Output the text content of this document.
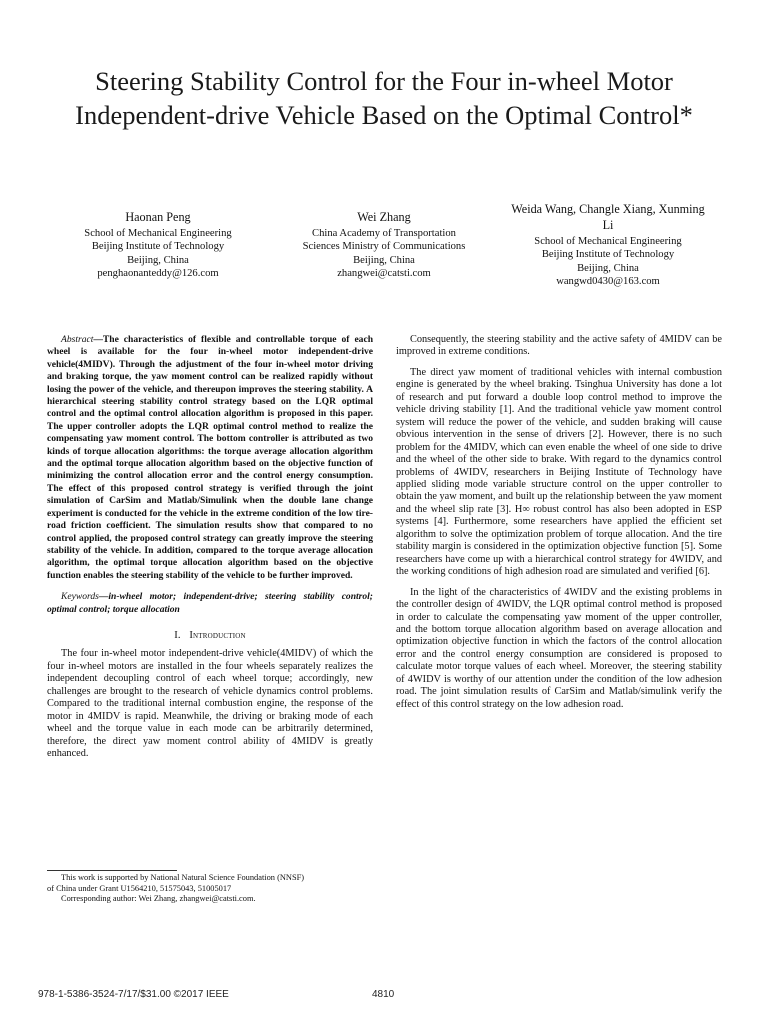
Steering Stability Control for the Four in-wheel Motor Independent-drive Vehicle Based on the Optimal Control*
Haonan Peng
School of Mechanical Engineering
Beijing Institute of Technology
Beijing, China
penghaonanteddy@126.com
Wei Zhang
China Academy of Transportation
Sciences Ministry of Communications
Beijing, China
zhangwei@catsti.com
Weida Wang, Changle Xiang, Xunming Li
School of Mechanical Engineering
Beijing Institute of Technology
Beijing, China
wangwd0430@163.com
Abstract—The characteristics of flexible and controllable torque of each wheel is available for the four in-wheel motor independent-drive vehicle(4MIDV). Through the adjustment of the four in-wheel motor driving and braking torque, the yaw moment control can be realized rapidly without losing the power of the vehicle, and thereupon improves the steering stability. A hierarchical steering stability control strategy based on the LQR optimal control and the optimal control allocation algorithm is proposed in this paper. The upper controller adopts the LQR optimal control method to realize the compensating yaw moment control. The bottom controller is attributed as two kinds of torque allocation algorithms: the torque average allocation algorithm and the optimal torque allocation algorithm based on the objective function of minimizing the control allocation error and the control energy consumption. The effect of this proposed control strategy is verified through the joint simulation of CarSim and Matlab/Simulink when the double lane change experiment is conducted for the vehicle in the extreme condition of the low tire-road friction coefficient. The simulation results show that compared to no control applied, the proposed control strategy can greatly improve the steering stability of the vehicle. In addition, compared to the torque average allocation algorithm, the optimal torque allocation algorithm based on the objective function enables the steering stability of the vehicle to be further improved.
Keywords—in-wheel motor; independent-drive; steering stability control; optimal control; torque allocation
I. Introduction

The four in-wheel motor independent-drive vehicle(4MIDV) of which the four in-wheel motors are installed in the four wheels separately realizes the independent decoupling control of each wheel torque; accordingly, new challenges are brought to the research of vehicle dynamics control problems. Compared to the traditional internal combustion engine, the response of the motor in 4MIDV is rapid. Meanwhile, the driving or braking mode of each wheel and the torque value in each mode can be arbitrarily determined, therefore, the direct yaw moment control ability of 4MIDV is greatly enhanced.

Consequently, the steering stability and the active safety of 4MIDV can be improved in extreme conditions.

The direct yaw moment of traditional vehicles with internal combustion engine is generated by the wheel braking. Tsinghua University has done a lot of research and put forward a double loop control method to improve the vehicle driving stability [1]. And the traditional vehicle yaw moment control system will reduce the power of the vehicle, and sudden braking will cause obvious intervention in the sense of drivers [2]. However, there is no such problem for the 4MIDV, which can even enable the wheel of one side to drive and the wheel of the other side to brake. With regard to the dynamics control problems of 4WIDV, researchers in Beijing Institute of Technology have applied sliding mode variable structure control on the upper controller to obtain the yaw moment, and built up the relationship between the yaw moment and the wheel slip rate [3]. H∞ robust control has also been adopted in ESP systems [4]. Furthermore, some researchers have applied the efficient set algorithm to solve the optimization problem of torque allocation. And the tire stability margin is considered in the optimization objective function [5]. Some researchers have come up with a hierarchical control strategy for 4WIDV, and the working conditions of high adhesion road are simulated and verified [6].

In the light of the characteristics of 4WIDV and the existing problems in the controller design of 4WIDV, the LQR optimal control method is proposed in order to calculate the compensating yaw moment of the upper controller, and the bottom torque allocation algorithm based on average allocation and optimization objective function in which the factors of the control allocation error and the control energy consumption are considered is proposed to calculate motor torque values of each wheel. Moreover, the steering stability of 4WIDV is worthy of our attention under the condition of the low adhesion road. The joint simulation results of CarSim and Matlab/simulink verify the effect of this control strategy on the low adhesion road.

This work is supported by National Natural Science Foundation (NNSF)
of China under Grant U1564210, 51575043, 51005017
Corresponding author: Wei Zhang, zhangwei@catsti.com.
978-1-5386-3524-7/17/$31.00 ©2017 IEEE	4810
